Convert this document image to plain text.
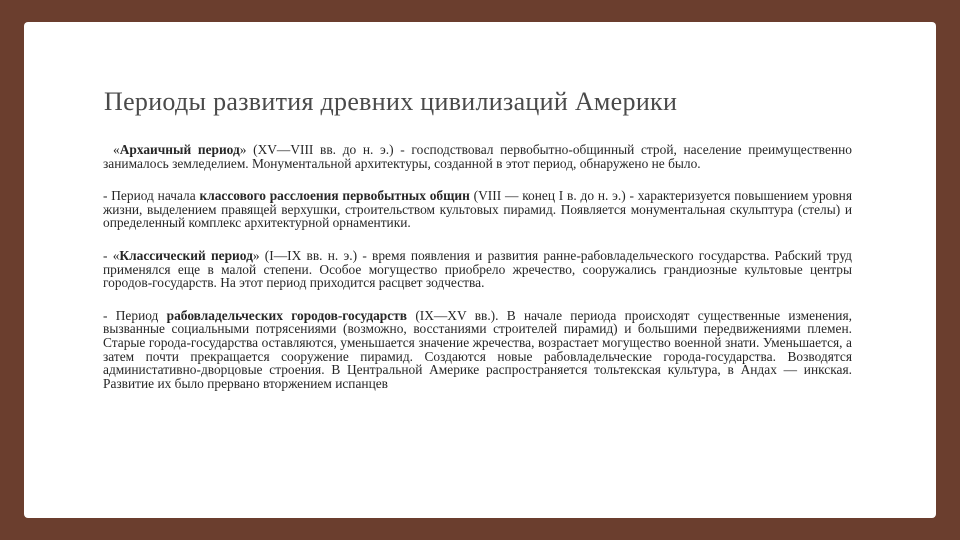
Периоды развития древних цивилизаций Америки

«Архаичный период» (XV—VIII вв. до н. э.) - господствовал первобытно-общинный строй, население преимущественно занималось земледелием. Монументальной архитектуры, созданной в этот период, обнаружено не было.

- Период начала классового расслоения первобытных общин (VIII — конец I в. до н. э.) - характеризуется повышением уровня жизни, выделением правящей верхушки, строительством культовых пирамид. Появляется монументальная скульптура (стелы) и определенный комплекс архитектурной орнаментики.

- «Классический период» (I—IX вв. н. э.) - время появления и развития ранне-рабовладельческого государства. Рабский труд применялся еще в малой степени. Особое могущество приобрело жречество, сооружались грандиозные культовые центры городов-государств. На этот период приходится расцвет зодчества.

- Период рабовладельческих городов-государств (IX—XV вв.). В начале периода происходят существенные изменения, вызванные социальными потрясениями (возможно, восстаниями строителей пирамид) и большими передвижениями племен. Старые города-государства оставляются, уменьшается значение жречества, возрастает могущество военной знати. Уменьшается, а затем почти прекращается сооружение пирамид. Создаются новые рабовладельческие города-государства. Возводятся администативно-дворцовые строения. В Центральной Америке распространяется тольтекская культура, в Андах — инкская. Развитие их было прервано вторжением испанцев
